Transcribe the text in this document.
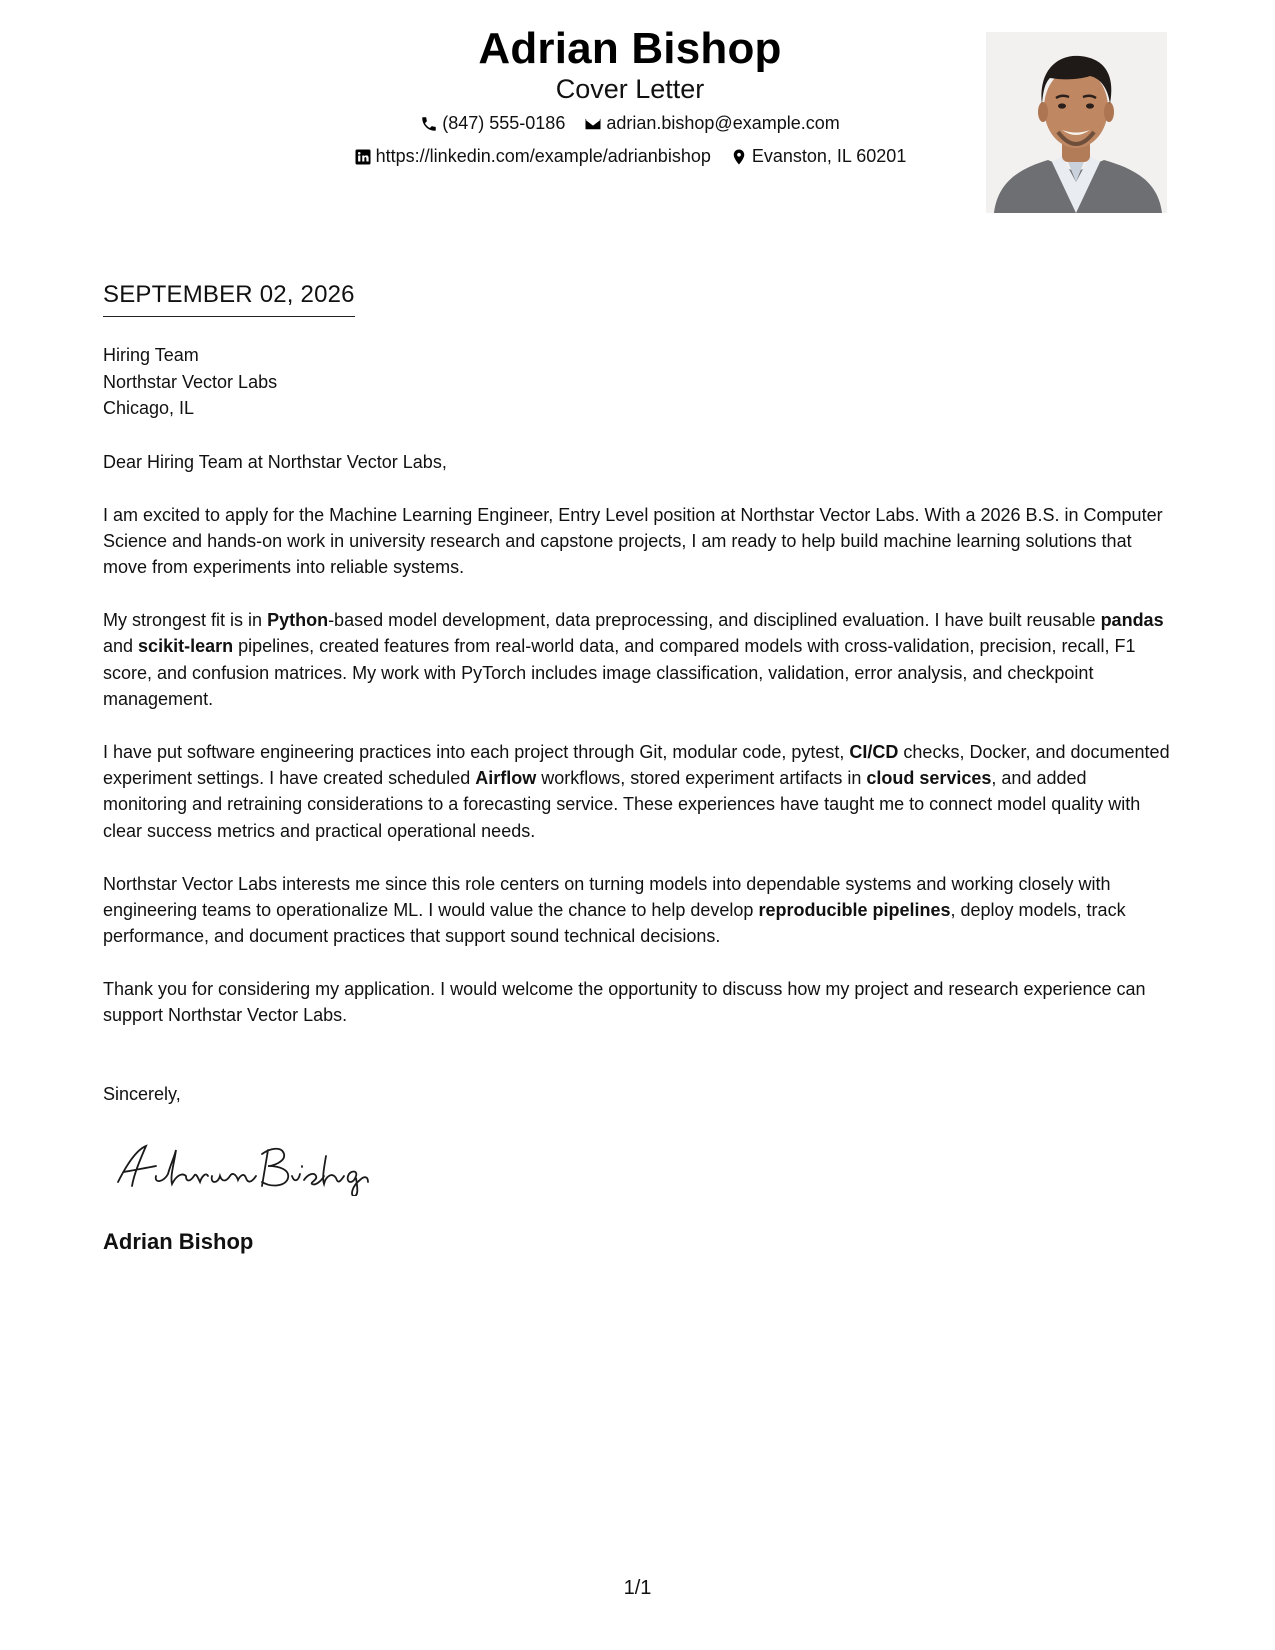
Adrian Bishop
Cover Letter
(847) 555-0186
adrian.bishop@example.com
https://linkedin.com/example/adrianbishop
Evanston, IL 60201
SEPTEMBER 02, 2026
Hiring Team
Northstar Vector Labs
Chicago, IL

Dear Hiring Team at Northstar Vector Labs,

I am excited to apply for the Machine Learning Engineer, Entry Level position at Northstar Vector Labs. With a 2026 B.S. in Computer Science and hands-on work in university research and capstone projects, I am ready to help build machine learning solutions that move from experiments into reliable systems.

My strongest fit is in Python-based model development, data preprocessing, and disciplined evaluation. I have built reusable pandas and scikit-learn pipelines, created features from real-world data, and compared models with cross-validation, precision, recall, F1 score, and confusion matrices. My work with PyTorch includes image classification, validation, error analysis, and checkpoint management.

I have put software engineering practices into each project through Git, modular code, pytest, CI/CD checks, Docker, and documented experiment settings. I have created scheduled Airflow workflows, stored experiment artifacts in cloud services, and added monitoring and retraining considerations to a forecasting service. These experiences have taught me to connect model quality with clear success metrics and practical operational needs.

Northstar Vector Labs interests me since this role centers on turning models into dependable systems and working closely with engineering teams to operationalize ML. I would value the chance to help develop reproducible pipelines, deploy models, track performance, and document practices that support sound technical decisions.

Thank you for considering my application. I would welcome the opportunity to discuss how my project and research experience can support Northstar Vector Labs.

Sincerely,
Adrian Bishop
1/1
